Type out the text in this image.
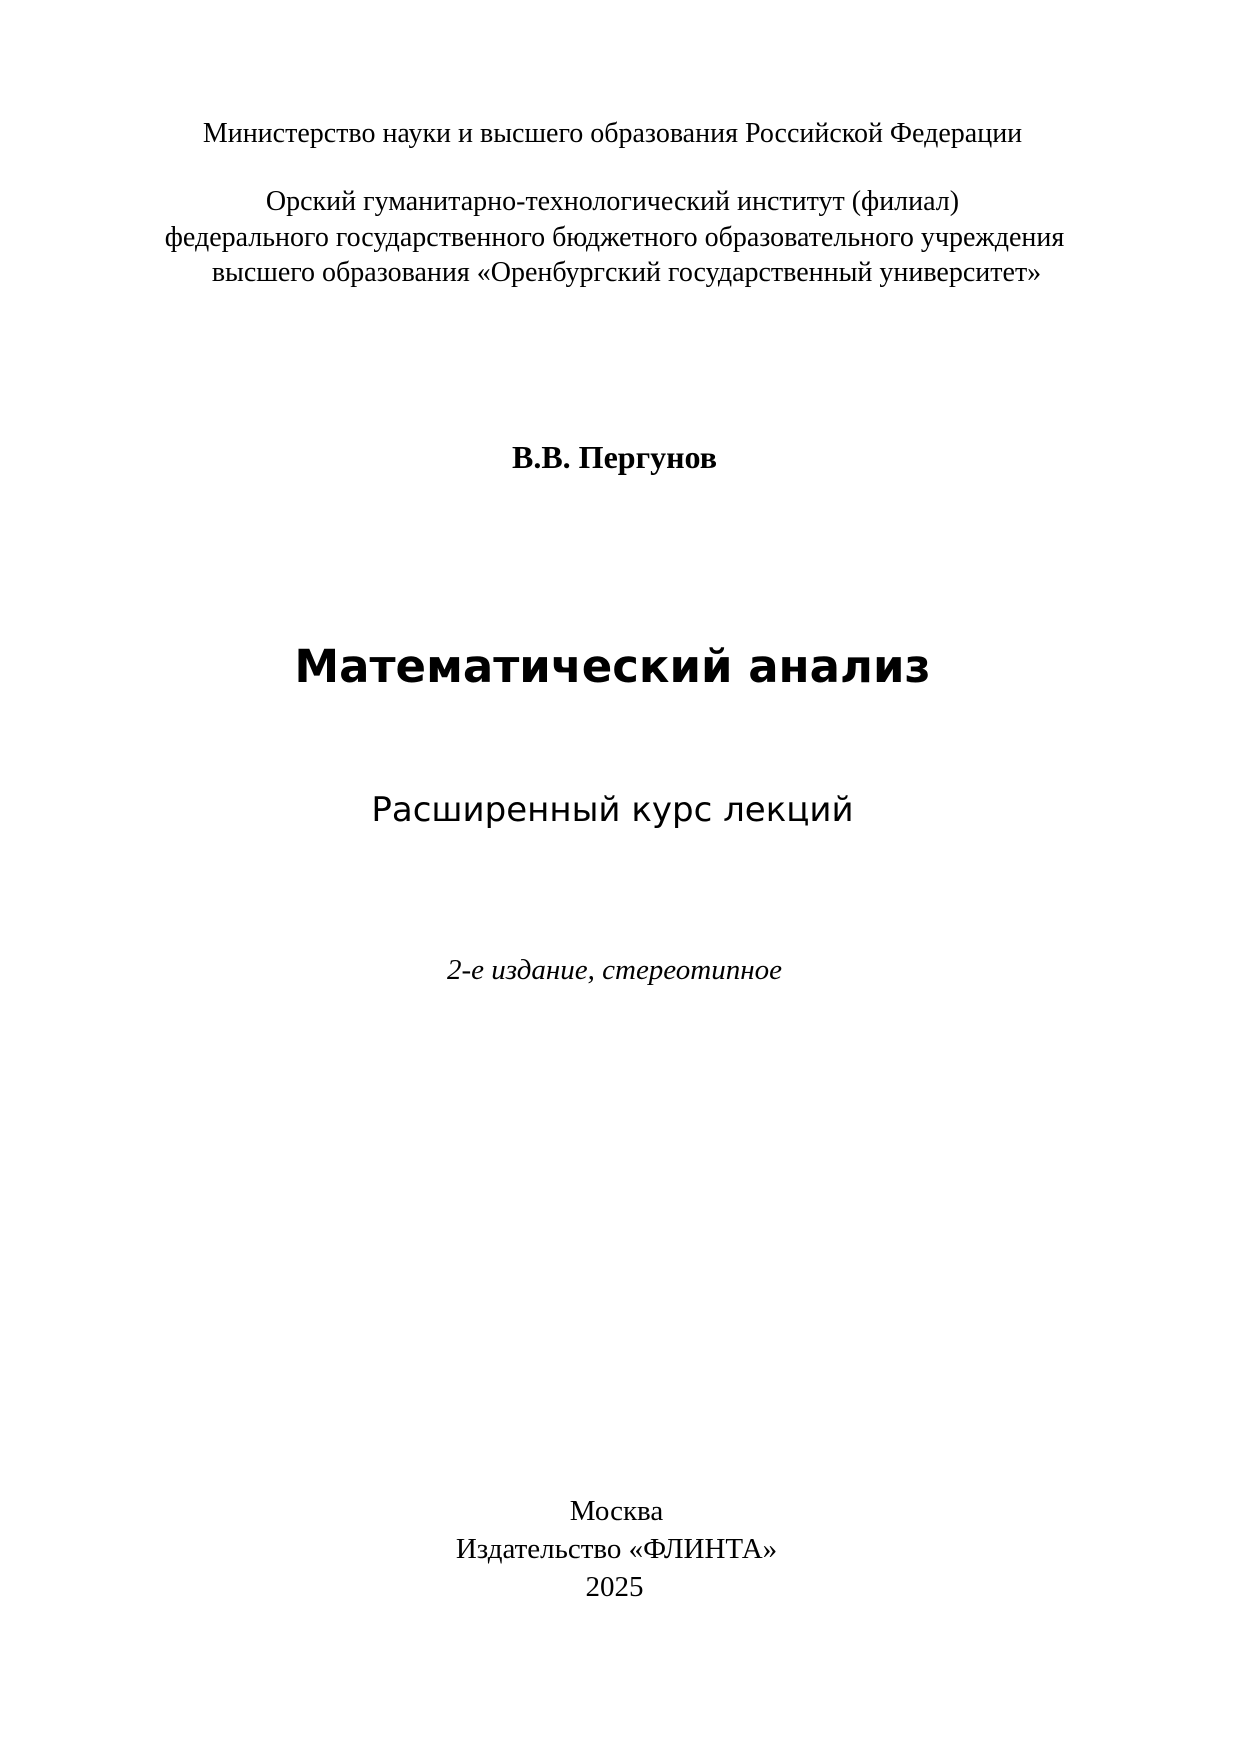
Министерство науки и высшего образования Российской Федерации
Орский гуманитарно-технологический институт (филиал)
федерального государственного бюджетного образовательного учреждения
высшего образования «Оренбургский государственный университет»
В.В. Пергунов
Математический анализ
Расширенный курс лекций
2-е издание, стереотипное
Москва
Издательство «ФЛИНТА»
2025
